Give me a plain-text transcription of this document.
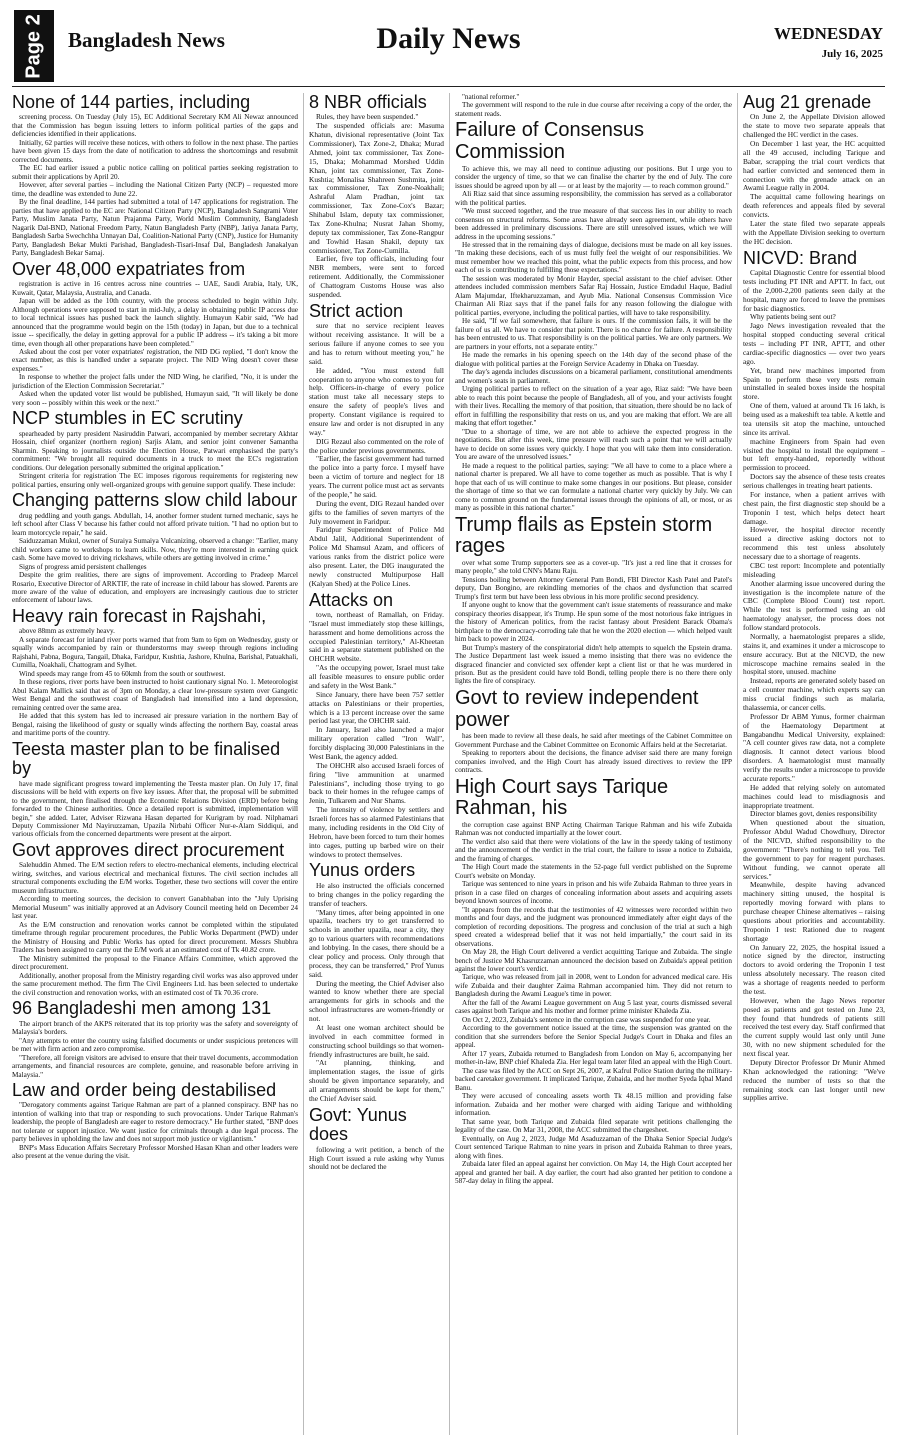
Page 2 Bangladesh News	Daily News	WEDNESDAY
July 16, 2025
None of 144 parties, including

screening process. On Tuesday (July 15), EC Additional Secretary KM Ali Newaz announced that the Commission has begun issuing letters to inform political parties of the gaps and deficiencies identified in their applications.

Initially, 62 parties will receive these notices, with others to follow in the next phase. The parties have been given 15 days from the date of notification to address the shortcomings and resubmit corrected documents.

The EC had earlier issued a public notice calling on political parties seeking registration to submit their applications by April 20.

However, after several parties – including the National Citizen Party (NCP) – requested more time, the deadline was extended to June 22.

By the final deadline, 144 parties had submitted a total of 147 applications for registration. The parties that have applied to the EC are: National Citizen Party (NCP), Bangladesh Sangrami Voter Party, Muslim Janata Party, Natun Prajanma Party, World Muslim Community, Bangladesh Nagarik Dal-BND, National Freedom Party, Natun Bangladesh Party (NBP), Jatiya Janata Party, Bangladesh Sarba Swechchha Unnayan Dal, Coalition-National Party (CNP), Justice for Humanity Party, Bangladesh Bekar Mukti Parishad, Bangladesh-Tisari-Insaf Dal, Bangladesh Janakalyan Party, Bangladesh Bekar Samaj.

Over 48,000 expatriates from

registration is active in 16 centres across nine countries -- UAE, Saudi Arabia, Italy, UK, Kuwait, Qatar, Malaysia, Australia, and Canada.

Japan will be added as the 10th country, with the process scheduled to begin within July. Although operations were supposed to start in mid-July, a delay in obtaining public IP access due to local technical issues has pushed back the launch slightly. Humayun Kabir said, "We had announced that the programme would begin on the 15th (today) in Japan, but due to a technical issue -- specifically, the delay in getting approval for a public IP address -- it's taking a bit more time, even though all other preparations have been completed."

Asked about the cost per voter expatriates' registration, the NID DG replied, "I don't know the exact number, as this is handled under a separate project. The NID Wing doesn't cover these expenses."

In response to whether the project falls under the NID Wing, he clarified, "No, it is under the jurisdiction of the Election Commission Secretariat."

Asked when the updated voter list would be published, Humayun said, "It will likely be done very soon -- possibly within this week or the next."

NCP stumbles in EC scrutiny

spearheaded by party president Nasiruddin Patwari, accompanied by member secretary Akhtar Hossain, chief organizer (northern region) Sarjis Alam, and senior joint convener Samantha Sharmin. Speaking to journalists outside the Election House, Patwari emphasised the party's commitment: "We brought all required documents in a truck to meet the EC's registration conditions. Our delegation personally submitted the original application."

Stringent criteria for registration The EC imposes rigorous requirements for registering new political parties, ensuring only well-organized groups with genuine support qualify. These include:

Changing patterns slow child labour

drug peddling and youth gangs. Abdullah, 14, another former student turned mechanic, says he left school after Class V because his father could not afford private tuition. "I had no option but to learn motorcycle repair," he said.

Saiduzzaman Mukul, owner of Suraiya Sumaiya Vulcanizing, observed a change: "Earlier, many child workers came to workshops to learn skills. Now, they're more interested in earning quick cash. Some have moved to driving rickshaws, while others are getting involved in crime."

Signs of progress amid persistent challenges

Despite the grim realities, there are signs of improvement. According to Pradeep Marcel Rosario, Executive Director of ARKTIF, the rate of increase in child labour has slowed. Parents are more aware of the value of education, and employers are increasingly cautious due to stricter enforcement of labour laws.

Heavy rain forecast in Rajshahi,

above 88mm as extremely heavy.

A separate forecast for inland river ports warned that from 9am to 6pm on Wednesday, gusty or squally winds accompanied by rain or thunderstorms may sweep through regions including Rajshahi, Pabna, Bogura, Tangail, Dhaka, Faridpur, Kushtia, Jashore, Khulna, Barishal, Patuakhali, Cumilla, Noakhali, Chattogram and Sylhet.

Wind speeds may range from 45 to 60kmh from the south or southwest.

In these regions, river ports have been instructed to hoist cautionary signal No. 1. Meteorologist Abul Kalam Mallick said that as of 3pm on Monday, a clear low-pressure system over Gangetic West Bengal and the southwest coast of Bangladesh had intensified into a land depression, remaining centred over the same area.

He added that this system has led to increased air pressure variation in the northern Bay of Bengal, raising the likelihood of gusty or squally winds affecting the northern Bay, coastal areas and maritime ports of the country.

Teesta master plan to be finalised by

have made significant progress toward implementing the Teesta master plan. On July 17, final discussions will be held with experts on five key issues. After that, the proposal will be submitted to the government, then finalised through the Economic Relations Division (ERD) before being forwarded to the Chinese authorities. Once a detailed report is submitted, implementation will begin," she added. Later, Adviser Rizwana Hasan departed for Kurigram by road. Nilphamari Deputy Commissioner Md Nayiruzzaman, Upazila Nirbahi Officer Nur-e-Alam Siddiqui, and various officials from the concerned departments were present at the airport.

Govt approves direct procurement

Salehuddin Ahmed. The E/M section refers to electro-mechanical elements, including electrical wiring, switches, and various electrical and mechanical fixtures. The civil section includes all structural components excluding the E/M works. Together, these two sections will cover the entire museum infrastructure.

According to meeting sources, the decision to convert Ganabhaban into the "July Uprising Memorial Museum" was initially approved at an Advisory Council meeting held on December 24 last year.

As the E/M construction and renovation works cannot be completed within the stipulated timeframe through regular procurement procedures, the Public Works Department (PWD) under the Ministry of Housing and Public Works has opted for direct procurement. Messrs Shubhra Traders has been assigned to carry out the E/M work at an estimated cost of Tk 40.82 crore.

The Ministry submitted the proposal to the Finance Affairs Committee, which approved the direct procurement.

Additionally, another proposal from the Ministry regarding civil works was also approved under the same procurement method. The firm The Civil Engineers Ltd. has been selected to undertake the civil construction and renovation works, with an estimated cost of Tk 70.36 crore.

96 Bangladeshi men among 131

The airport branch of the AKPS reiterated that its top priority was the safety and sovereignty of Malaysia's borders.

"Any attempts to enter the country using falsified documents or under suspicious pretences will be met with firm action and zero compromise.

"Therefore, all foreign visitors are advised to ensure that their travel documents, accommodation arrangements, and financial resources are complete, genuine, and reasonable before arriving in Malaysia."

Law and order being destabilised

"Derogatory comments against Tarique Rahman are part of a planned conspiracy. BNP has no intention of walking into that trap or responding to such provocations. Under Tarique Rahman's leadership, the people of Bangladesh are eager to restore democracy." He further stated, "BNP does not tolerate or support injustice. We want justice for criminals through a due legal process. The party believes in upholding the law and does not support mob justice or vigilantism."

BNP's Mass Education Affairs Secretary Professor Morshed Hasan Khan and other leaders were also present at the venue during the visit.

8 NBR officials

Rules, they have been suspended."

The suspended officials are: Masuma Khatun, divisional representative (Joint Tax Commissioner), Tax Zone-2, Dhaka; Murad Ahmed, joint tax commissioner, Tax Zone-15, Dhaka; Mohammad Morshed Uddin Khan, joint tax commissioner, Tax Zone-Kushtia; Monalisa Shahreen Sushmita, joint tax commissioner, Tax Zone-Noakhali; Ashraful Alam Pradhan, joint tax commissioner, Tax Zone-Cox's Bazar; Shihabul Islam, deputy tax commissioner, Tax Zone-Khulna; Nusrat Jahan Shomy, deputy tax commissioner, Tax Zone-Rangpur and Towhid Hasan Shakil, deputy tax commissioner, Tax Zone-Cumilla.

Earlier, five top officials, including four NBR members, were sent to forced retirement. Additionally, the Commissioner of Chattogram Customs House was also suspended.

Strict action

sure that no service recipient leaves without receiving assistance. It will be a serious failure if anyone comes to see you and has to return without meeting you," he said.

He added, "You must extend full cooperation to anyone who comes to you for help. Officers-in-charge of every police station must take all necessary steps to ensure the safety of people's lives and property. Constant vigilance is required to ensure law and order is not disrupted in any way."

DIG Rezaul also commented on the role of the police under previous governments.

"Earlier, the fascist government had turned the police into a party force. I myself have been a victim of torture and neglect for 18 years. The current police must act as servants of the people," he said.

During the event, DIG Rezaul handed over gifts to the families of seven martyrs of the July movement in Faridpur.

Faridpur Superintendent of Police Md Abdul Jalil, Additional Superintendent of Police Md Shamsul Azam, and officers of various ranks from the district police were also present. Later, the DIG inaugurated the newly constructed Multipurpose Hall (Kalyan Shed) at the Police Lines.

Attacks on

town, northeast of Ramallah, on Friday. "Israel must immediately stop these killings, harassment and home demolitions across the occupied Palestinian territory," Al-Kheetan said in a separate statement published on the OHCHR website.

"As the occupying power, Israel must take all feasible measures to ensure public order and safety in the West Bank."

Since January, there have been 757 settler attacks on Palestinians or their properties, which is a 13 percent increase over the same period last year, the OHCHR said.

In January, Israel also launched a major military operation called "Iron Wall", forcibly displacing 30,000 Palestinians in the West Bank, the agency added.

The OHCHR also accused Israeli forces of firing "live ammunition at unarmed Palestinians", including those trying to go back to their homes in the refugee camps of Jenin, Tulkarem and Nur Shams.

The intensity of violence by settlers and Israeli forces has so alarmed Palestinians that many, including residents in the Old City of Hebron, have been forced to turn their homes into cages, putting up barbed wire on their windows to protect themselves.

Yunus orders

He also instructed the officials concerned to bring changes in the policy regarding the transfer of teachers.

"Many times, after being appointed in one upazila, teachers try to get transferred to schools in another upazila, near a city, they go to various quarters with recommendations and lobbying. In the cases, there should be a clear policy and process. Only through that process, they can be transferred," Prof Yunus said.

During the meeting, the Chief Adviser also wanted to know whether there are special arrangements for girls in schools and the school infrastructures are women-friendly or not.

At least one woman architect should be involved in each committee formed in constructing school buildings so that women-friendly infrastructures are built, he said.

"At planning, thinking, and implementation stages, the issue of girls should be given importance separately, and all arrangements should be kept for them," the Chief Adviser said.

Govt: Yunus does

following a writ petition, a bench of the High Court issued a rule asking why Yunus should not be declared the

"national reformer."

The government will respond to the rule in due course after receiving a copy of the order, the statement reads.

Failure of Consensus Commission

To achieve this, we may all need to continue adjusting our positions. But I urge you to consider the urgency of time, so that we can finalise the charter by the end of July. The core issues should be agreed upon by all — or at least by the majority — to reach common ground."

Ali Riaz said that since assuming responsibility, the commission has served as a collaborator with the political parties.

"We must succeed together, and the true measure of that success lies in our ability to reach consensus on structural reforms. Some areas have already seen agreement, while others have been addressed in preliminary discussions. There are still unresolved issues, which we will address in the upcoming sessions."

He stressed that in the remaining days of dialogue, decisions must be made on all key issues. "In making these decisions, each of us must fully feel the weight of our responsibilities. We must remember how we reached this point, what the public expects from this process, and how each of us is contributing to fulfilling those expectations."

The session was moderated by Monir Hayder, special assistant to the chief adviser. Other attendees included commission members Safar Raj Hossain, Justice Emdadul Haque, Badiul Alam Majumdar, Iftekharuzzaman, and Ayub Mia. National Consensus Commission Vice Chairman Ali Riaz says that if the panel fails for any reason following the dialogue with political parties, everyone, including the political parties, will have to take responsibility.

He said, "If we fail somewhere, that failure is ours. If the commission fails, it will be the failure of us all. We have to consider that point. There is no chance for failure. A responsibility has been entrusted to us. That responsibility is on the political parties. We are only partners. We are partners in your efforts, not a separate entity."

He made the remarks in his opening speech on the 14th day of the second phase of the dialogue with political parties at the Foreign Service Academy in Dhaka on Tuesday.

The day's agenda includes discussions on a bicameral parliament, constitutional amendments and women's seats in parliament.

Urging political parties to reflect on the situation of a year ago, Riaz said: "We have been able to reach this point because the people of Bangladesh, all of you, and your activists fought with their lives. Recalling the memory of that position, that situation, there should be no lack of effort in fulfilling the responsibility that rests on us, and you are making that effort. We are all making that effort together."

"Due to a shortage of time, we are not able to achieve the expected progress in the negotiations. But after this week, time pressure will reach such a point that we will actually have to decide on some issues very quickly. I hope that you will take them into consideration. You are aware of the unresolved issues."

He made a request to the political parties, saying: "We all have to come to a place where a national charter is prepared. We all have to come together as much as possible. That is why I hope that each of us will continue to make some changes in our positions. But please, consider the shortage of time so that we can formulate a national charter very quickly by July. We can come to common ground on the fundamental issues through the opinions of all, or most, or as many as possible in this national charter."

Trump flails as Epstein storm rages

over what some Trump supporters see as a cover-up. "It's just a red line that it crosses for many people," she told CNN's Manu Raju.

Tensions boiling between Attorney General Pam Bondi, FBI Director Kash Patel and Patel's deputy, Dan Bongino, are rekindling memories of the chaos and dysfunction that scarred Trump's first term but have been less obvious in his more prolific second presidency.

If anyone ought to know that the government can't issue statements of reassurance and make conspiracy theories disappear, it's Trump. He spun some of the most notorious fake intrigues in the history of American politics, from the racist fantasy about President Barack Obama's birthplace to the democracy-corroding tale that he won the 2020 election — which helped vault him back to power in 2024.

But Trump's mastery of the conspiratorial didn't help attempts to squelch the Epstein drama. The Justice Department last week issued a memo insisting that there was no evidence the disgraced financier and convicted sex offender kept a client list or that he was murdered in prison. But as the president could have told Bondi, telling people there is no there there only lights the fire of conspiracy.

Govt to review independent power

has been made to review all these deals, he said after meetings of the Cabinet Committee on Government Purchase and the Cabinet Committee on Economic Affairs held at the Secretariat.

Speaking to reporters about the decisions, the finance adviser said there are many foreign companies involved, and the High Court has already issued directives to review the IPP contracts.

High Court says Tarique Rahman, his

the corruption case against BNP Acting Chairman Tarique Rahman and his wife Zubaida Rahman was not conducted impartially at the lower court.

The verdict also said that there were violations of the law in the speedy taking of testimony and the announcement of the verdict in the trial court, the failure to issue a notice to Zubaida, and the framing of charges.

The High Court made the statements in the 52-page full verdict published on the Supreme Court's website on Monday.

Tarique was sentenced to nine years in prison and his wife Zubaida Rahman to three years in prison in a case filed on charges of concealing information about assets and acquiring assets beyond known sources of income.

"It appears from the records that the testimonies of 42 witnesses were recorded within two months and four days, and the judgment was pronounced immediately after eight days of the completion of recording depositions. The progress and conclusion of the trial at such a high speed created a widespread belief that it was not held impartially," the court said in its observations.

On May 28, the High Court delivered a verdict acquitting Tarique and Zubaida. The single bench of Justice Md Khasruzzaman announced the decision based on Zubaida's appeal petition against the lower court's verdict.

Tarique, who was released from jail in 2008, went to London for advanced medical care. His wife Zubaida and their daughter Zaima Rahman accompanied him. They did not return to Bangladesh during the Awami League's time in power.

After the fall of the Awami League government on Aug 5 last year, courts dismissed several cases against both Tarique and his mother and former prime minister Khaleda Zia.

On Oct 2, 2023, Zubaida's sentence in the corruption case was suspended for one year.

According to the government notice issued at the time, the suspension was granted on the condition that she surrenders before the Senior Special Judge's Court in Dhaka and files an appeal.

After 17 years, Zubaida returned to Bangladesh from London on May 6, accompanying her mother-in-law, BNP chief Khaleda Zia. Her legal team later filed an appeal with the High Court.

The case was filed by the ACC on Sept 26, 2007, at Kafrul Police Station during the military-backed caretaker government. It implicated Tarique, Zubaida, and her mother Syeda Iqbal Mand Banu.

They were accused of concealing assets worth Tk 48.15 million and providing false information. Zubaida and her mother were charged with aiding Tarique and withholding information.

That same year, both Tarique and Zubaida filed separate writ petitions challenging the legality of the case. On Mar 31, 2008, the ACC submitted the chargesheet.

Eventually, on Aug 2, 2023, Judge Md Asaduzzaman of the Dhaka Senior Special Judge's Court sentenced Tarique Rahman to nine years in prison and Zubaida Rahman to three years, along with fines.

Zubaida later filed an appeal against her conviction. On May 14, the High Court accepted her appeal and granted her bail. A day earlier, the court had also granted her petition to condone a 587-day delay in filing the appeal.

Aug 21 grenade

On June 2, the Appellate Division allowed the state to move two separate appeals that challenged the HC verdict in the cases.

On December 1 last year, the HC acquitted all the 49 accused, including Tarique and Babar, scrapping the trial court verdicts that had earlier convicted and sentenced them in connection with the grenade attack on an Awami League rally in 2004.

The acquittal came following hearings on death references and appeals filed by several convicts.

Later the state filed two separate appeals with the Appellate Division seeking to overturn the HC decision.

NICVD: Brand

Capital Diagnostic Centre for essential blood tests including PT INR and APTT. In fact, out of the 2,000-2,200 patients seen daily at the hospital, many are forced to leave the premises for basic diagnostics.

Why patients being sent out?

Jago News investigation revealed that the hospital stopped conducting several critical tests – including PT INR, APTT, and other cardiac-specific diagnostics — over two years ago.

Yet, brand new machines imported from Spain to perform these very tests remain uninstalled in sealed boxes inside the hospital store.

One of them, valued at around Tk 16 lakh, is being used as a makeshift tea table. A kettle and tea utensils sit atop the machine, untouched since its arrival.

machine Engineers from Spain had even visited the hospital to install the equipment – but left empty-handed, reportedly without permission to proceed.

Doctors say the absence of these tests creates serious challenges in treating heart patients.

For instance, when a patient arrives with chest pain, the first diagnostic step should be a Troponin I test, which helps detect heart damage.

However, the hospital director recently issued a directive asking doctors not to recommend this test unless absolutely necessary due to a shortage of reagents.

CBC test report: Incomplete and potentially misleading

Another alarming issue uncovered during the investigation is the incomplete nature of the CBC (Complete Blood Count) test report. While the test is performed using an old haematology analyser, the process does not follow standard protocols.

Normally, a haematologist prepares a slide, stains it, and examines it under a microscope to ensure accuracy. But at the NICVD, the new microscope machine remains sealed in the hospital store, unused. machine

Instead, reports are generated solely based on a cell counter machine, which experts say can miss crucial findings such as malaria, thalassemia, or cancer cells.

Professor Dr ABM Yunus, former chairman of the Haematology Department at Bangabandhu Medical University, explained: "A cell counter gives raw data, not a complete diagnosis. It cannot detect various blood disorders. A haematologist must manually verify the results under a microscope to provide accurate reports."

He added that relying solely on automated machines could lead to misdiagnosis and inappropriate treatment.

Director blames govt, denies responsibility

When questioned about the situation, Professor Abdul Wadud Chowdhury, Director of the NICVD, shifted responsibility to the government: "There's nothing to tell you. Tell the government to pay for reagent purchases. Without funding, we cannot operate all services."

Meanwhile, despite having advanced machinery sitting unused, the hospital is reportedly moving forward with plans to purchase cheaper Chinese alternatives – raising questions about priorities and accountability. Troponin I test: Rationed due to reagent shortage

On January 22, 2025, the hospital issued a notice signed by the director, instructing doctors to avoid ordering the Troponin I test unless absolutely necessary. The reason cited was a shortage of reagents needed to perform the test.

However, when the Jago News reporter posed as patients and got tested on June 23, they found that hundreds of patients still received the test every day. Staff confirmed that the current supply would last only until June 30, with no new shipment scheduled for the next fiscal year.

Deputy Director Professor Dr Munir Ahmed Khan acknowledged the rationing: "We've reduced the number of tests so that the remaining stock can last longer until new supplies arrive.
